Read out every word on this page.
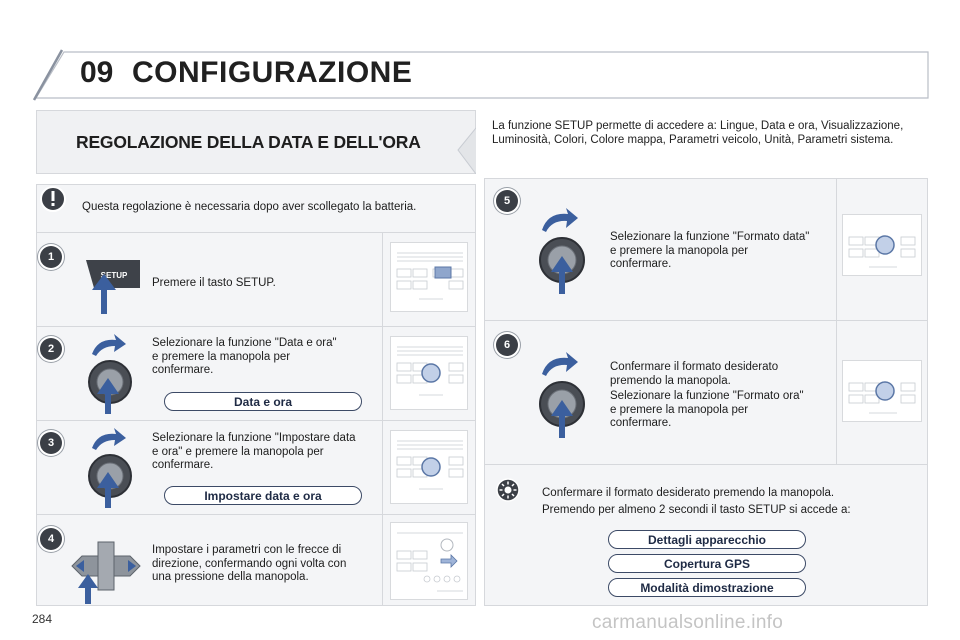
09 CONFIGURAZIONE
REGOLAZIONE DELLA DATA E DELL'ORA
La funzione SETUP permette di accedere a: Lingue, Data e ora, Visualizzazione, Luminosità, Colori, Colore mappa, Parametri veicolo, Unità, Parametri sistema.
Questa regolazione è necessaria dopo aver scollegato la batteria.
1
SETUP
Premere il tasto SETUP.
2	Selezionare la funzione "Data e ora" e premere la manopola per confermare.
Data e ora
3	Selezionare la funzione "Impostare data e ora" e premere la manopola per confermare.
Impostare data e ora
4
Impostare i parametri con le frecce di direzione, confermando ogni volta con una pressione della manopola.
5
Selezionare la funzione "Formato data" e premere la manopola per confermare.
6
Confermare il formato desiderato premendo la manopola.
Selezionare la funzione "Formato ora" e premere la manopola per confermare.
Confermare il formato desiderato premendo la manopola.
Premendo per almeno 2 secondi il tasto SETUP si accede a:
Dettagli apparecchio
Copertura GPS
Modalità dimostrazione
284	carmanualsonline.info
